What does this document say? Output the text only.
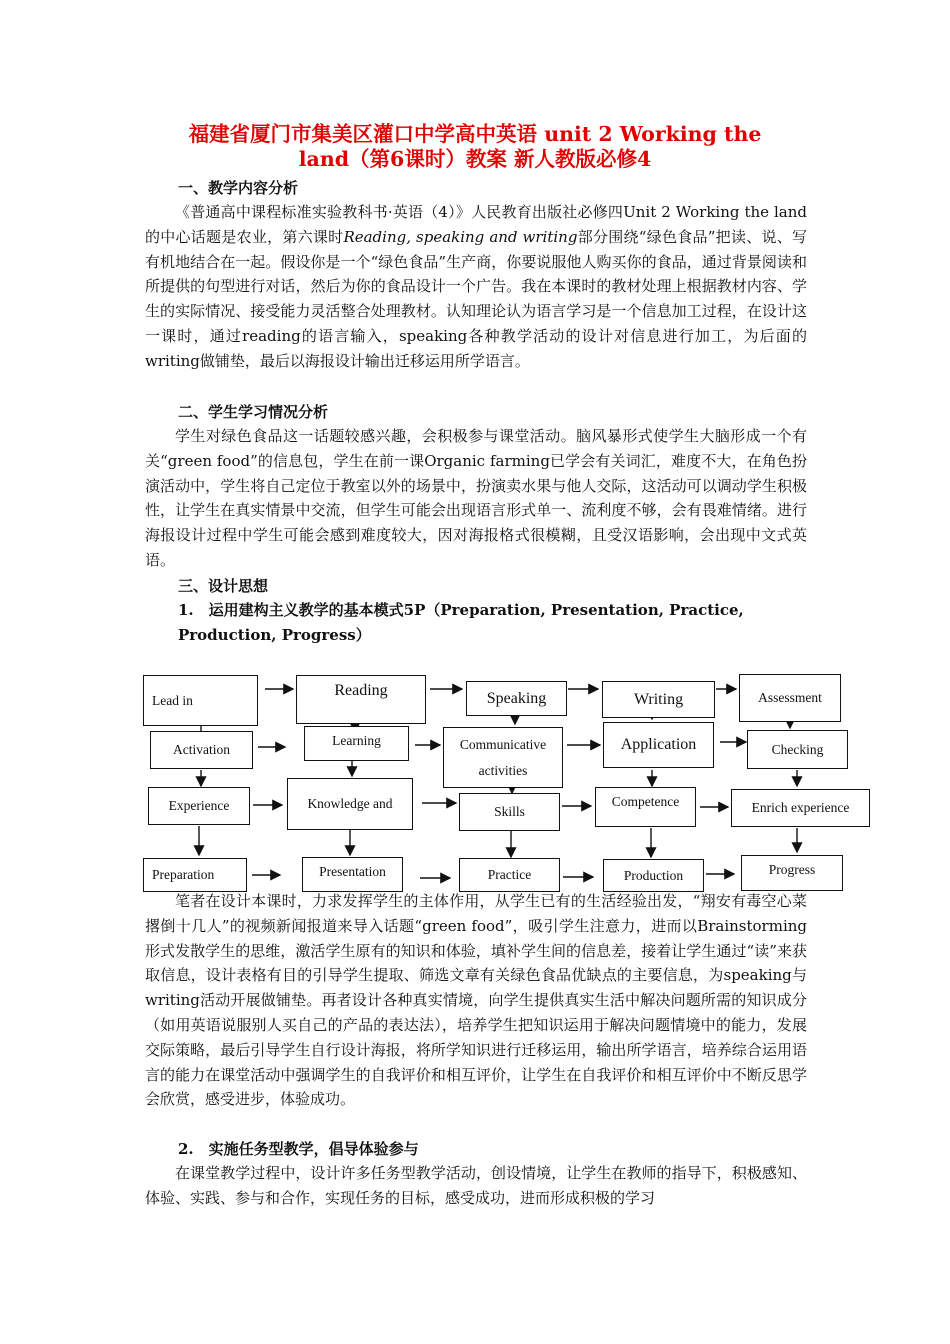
福建省厦门市集美区灌口中学高中英语 unit 2 Working the
land（第6课时）教案 新人教版必修4
一、教学内容分析
《普通高中课程标准实验教科书·英语（4）》人民教育出版社必修四Unit 2 Working the land的中心话题是农业，第六课时Reading, speaking and writing部分围绕“绿色食品”把读、说、写有机地结合在一起。假设你是一个“绿色食品”生产商，你要说服他人购买你的食品，通过背景阅读和所提供的句型进行对话，然后为你的食品设计一个广告。我在本课时的教材处理上根据教材内容、学生的实际情况、接受能力灵活整合处理教材。认知理论认为语言学习是一个信息加工过程，在设计这一课时，通过reading的语言输入，speaking各种教学活动的设计对信息进行加工，为后面的writing做铺垫，最后以海报设计输出迁移运用所学语言。
二、学生学习情况分析
学生对绿色食品这一话题较感兴趣，会积极参与课堂活动。脑风暴形式使学生大脑形成一个有关“green food”的信息包，学生在前一课Organic farming已学会有关词汇，难度不大，在角色扮演活动中，学生将自己定位于教室以外的场景中，扮演卖水果与他人交际，这活动可以调动学生积极性，让学生在真实情景中交流，但学生可能会出现语言形式单一、流利度不够，会有畏难情绪。进行海报设计过程中学生可能会感到难度较大，因对海报格式很模糊，且受汉语影响，会出现中文式英语。
三、设计思想
1.　运用建构主义教学的基本模式5P（Preparation, Presentation, Practice, Production, Progress）
Lead in
Reading	Speaking	Writing	Assessment
Activation
Learning	Communicative
activities
Application	Checking
Experience	Knowledge and
Skills
Competence	Enrich experience
Preparation	Presentation	Practice	Production	Progress
笔者在设计本课时，力求发挥学生的主体作用，从学生已有的生活经验出发，“翔安有毒空心菜撂倒十几人”的视频新闻报道来导入话题“green food”，吸引学生注意力，进而以Brainstorming形式发散学生的思维，激活学生原有的知识和体验，填补学生间的信息差，接着让学生通过“读”来获取信息，设计表格有目的引导学生提取、筛选文章有关绿色食品优缺点的主要信息，为speaking与writing活动开展做铺垫。再者设计各种真实情境，向学生提供真实生活中解决问题所需的知识成分（如用英语说服别人买自己的产品的表达法），培养学生把知识运用于解决问题情境中的能力，发展交际策略，最后引导学生自行设计海报，将所学知识进行迁移运用，输出所学语言，培养综合运用语言的能力在课堂活动中强调学生的自我评价和相互评价，让学生在自我评价和相互评价中不断反思学会欣赏，感受进步，体验成功。
2.　实施任务型教学，倡导体验参与
在课堂教学过程中，设计许多任务型教学活动，创设情境，让学生在教师的指导下，积极感知、体验、实践、参与和合作，实现任务的目标，感受成功，进而形成积极的学习
